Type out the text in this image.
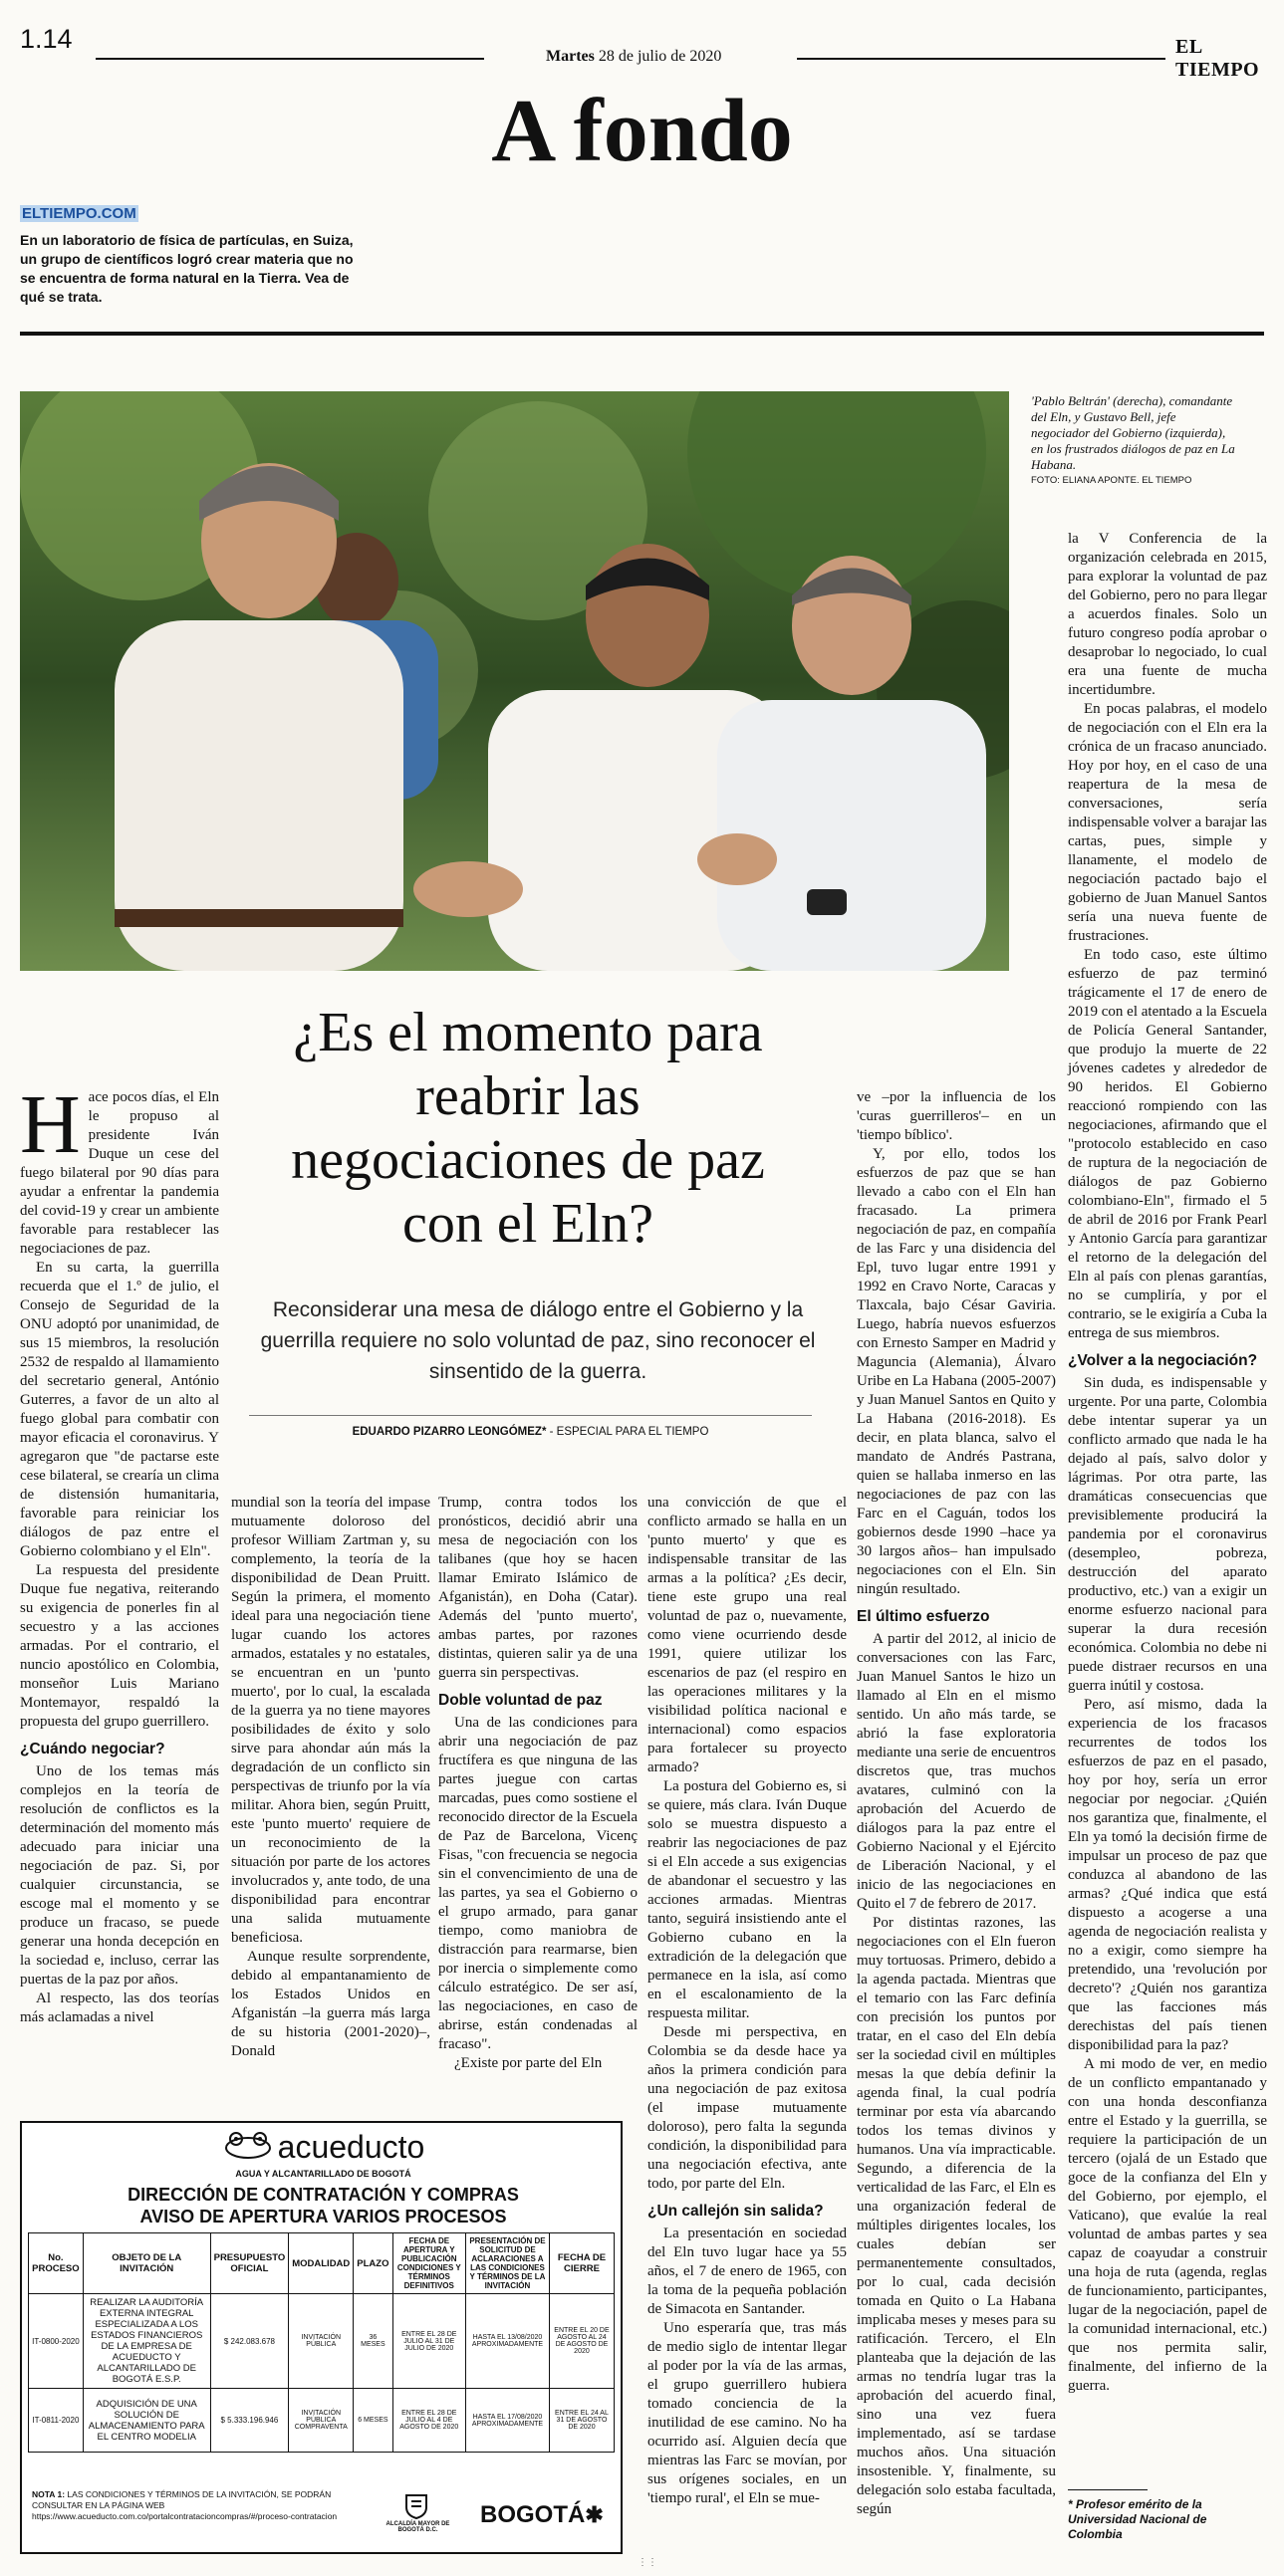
1.14
Martes 28 de julio de 2020	EL TIEMPO
A fondo
ELTIEMPO.COM
En un laboratorio de física de partículas, en Suiza, un grupo de científicos logró crear materia que no se encuentra de forma natural en la Tierra. Vea de qué se trata.
'Pablo Beltrán' (derecha), comandante del Eln, y Gustavo Bell, jefe negociador del Gobierno (izquierda), en los frustrados diálogos de paz en La Habana.
FOTO: ELIANA APONTE. EL TIEMPO
¿Es el momento para reabrir las negociaciones de paz con el Eln?
Reconsiderar una mesa de diálogo entre el Gobierno y la guerrilla requiere no solo voluntad de paz, sino reconocer el sinsentido de la guerra.
EDUARDO PIZARRO LEONGÓMEZ* - ESPECIAL PARA EL TIEMPO
H ace pocos días, el Eln le propuso al presidente Iván Duque un cese del fuego bilateral por 90 días para ayudar a enfrentar la pandemia del covid-19 y crear un ambiente favorable para restablecer las negociaciones de paz.

En su carta, la guerrilla recuerda que el 1.º de julio, el Consejo de Seguridad de la ONU adoptó por unanimidad, de sus 15 miembros, la resolución 2532 de respaldo al llamamiento del secretario general, António Guterres, a favor de un alto al fuego global para combatir con mayor eficacia el coronavirus. Y agregaron que "de pactarse este cese bilateral, se crearía un clima de distensión humanitaria, favorable para reiniciar los diálogos de paz entre el Gobierno colombiano y el Eln".

La respuesta del presidente Duque fue negativa, reiterando su exigencia de ponerles fin al secuestro y a las acciones armadas. Por el contrario, el nuncio apostólico en Colombia, monseñor Luis Mariano Montemayor, respaldó la propuesta del grupo guerrillero.

¿Cuándo negociar?

Uno de los temas más complejos en la teoría de resolución de conflictos es la determinación del momento más adecuado para iniciar una negociación de paz. Si, por cualquier circunstancia, se escoge mal el momento y se produce un fracaso, se puede generar una honda decepción en la sociedad e, incluso, cerrar las puertas de la paz por años.

Al respecto, las dos teorías más aclamadas a nivel

mundial son la teoría del impase mutuamente doloroso del profesor William Zartman y, su complemento, la teoría de la disponibilidad de Dean Pruitt. Según la primera, el momento ideal para una negociación tiene lugar cuando los actores armados, estatales y no estatales, se encuentran en un 'punto muerto', por lo cual, la escalada de la guerra ya no tiene mayores posibilidades de éxito y solo sirve para ahondar aún más la degradación de un conflicto sin perspectivas de triunfo por la vía militar. Ahora bien, según Pruitt, este 'punto muerto' requiere de un reconocimiento de la situación por parte de los actores involucrados y, ante todo, de una disponibilidad para encontrar una salida mutuamente beneficiosa.

Aunque resulte sorprendente, debido al empantanamiento de los Estados Unidos en Afganistán –la guerra más larga de su historia (2001-2020)–, Donald

Trump, contra todos los pronósticos, decidió abrir una mesa de negociación con los talibanes (que hoy se hacen llamar Emirato Islámico de Afganistán), en Doha (Catar). Además del 'punto muerto', ambas partes, por razones distintas, quieren salir ya de una guerra sin perspectivas.

Doble voluntad de paz

Una de las condiciones para abrir una negociación de paz fructífera es que ninguna de las partes juegue con cartas marcadas, pues como sostiene el reconocido director de la Escuela de Paz de Barcelona, Vicenç Fisas, "con frecuencia se negocia sin el convencimiento de una de las partes, ya sea el Gobierno o el grupo armado, para ganar tiempo, como maniobra de distracción para rearmarse, bien por inercia o simplemente como cálculo estratégico. De ser así, las negociaciones, en caso de abrirse, están condenadas al fracaso".

¿Existe por parte del Eln

una convicción de que el conflicto armado se halla en un 'punto muerto' y que es indispensable transitar de las armas a la política? ¿Es decir, tiene este grupo una real voluntad de paz o, nuevamente, como viene ocurriendo desde 1991, quiere utilizar los escenarios de paz (el respiro en las operaciones militares y la visibilidad política nacional e internacional) como espacios para fortalecer su proyecto armado?

La postura del Gobierno es, si se quiere, más clara. Iván Duque solo se muestra dispuesto a reabrir las negociaciones de paz si el Eln accede a sus exigencias de abandonar el secuestro y las acciones armadas. Mientras tanto, seguirá insistiendo ante el Gobierno cubano en la extradición de la delegación que permanece en la isla, así como en el escalonamiento de la respuesta militar.

Desde mi perspectiva, en Colombia se da desde hace ya años la primera condición para una negociación de paz exitosa (el impase mutuamente doloroso), pero falta la segunda condición, la disponibilidad para una negociación efectiva, ante todo, por parte del Eln.

¿Un callejón sin salida?

La presentación en sociedad del Eln tuvo lugar hace ya 55 años, el 7 de enero de 1965, con la toma de la pequeña población de Simacota en Santander.

Uno esperaría que, tras más de medio siglo de intentar llegar al poder por la vía de las armas, el grupo guerrillero hubiera tomado conciencia de la inutilidad de ese camino. No ha ocurrido así. Alguien decía que mientras las Farc se movían, por sus orígenes sociales, en un 'tiempo rural', el Eln se mue-

ve –por la influencia de los 'curas guerrilleros'– en un 'tiempo bíblico'.

Y, por ello, todos los esfuerzos de paz que se han llevado a cabo con el Eln han fracasado. La primera negociación de paz, en compañía de las Farc y una disidencia del Epl, tuvo lugar entre 1991 y 1992 en Cravo Norte, Caracas y Tlaxcala, bajo César Gaviria. Luego, habría nuevos esfuerzos con Ernesto Samper en Madrid y Maguncia (Alemania), Álvaro Uribe en La Habana (2005-2007) y Juan Manuel Santos en Quito y La Habana (2016-2018). Es decir, en plata blanca, salvo el mandato de Andrés Pastrana, quien se hallaba inmerso en las negociaciones de paz con las Farc en el Caguán, todos los gobiernos desde 1990 –hace ya 30 largos años– han impulsado negociaciones con el Eln. Sin ningún resultado.

El último esfuerzo

A partir del 2012, al inicio de conversaciones con las Farc, Juan Manuel Santos le hizo un llamado al Eln en el mismo sentido. Un año más tarde, se abrió la fase exploratoria mediante una serie de encuentros discretos que, tras muchos avatares, culminó con la aprobación del Acuerdo de diálogos para la paz entre el Gobierno Nacional y el Ejército de Liberación Nacional, y el inicio de las negociaciones en Quito el 7 de febrero de 2017.

Por distintas razones, las negociaciones con el Eln fueron muy tortuosas. Primero, debido a la agenda pactada. Mientras que el temario con las Farc definía con precisión los puntos por tratar, en el caso del Eln debía ser la sociedad civil en múltiples mesas la que debía definir la agenda final, la cual podría terminar por esta vía abarcando todos los temas divinos y humanos. Una vía impracticable. Segundo, a diferencia de la verticalidad de las Farc, el Eln es una organización federal de múltiples dirigentes locales, los cuales debían ser permanentemente consultados, por lo cual, cada decisión tomada en Quito o La Habana implicaba meses y meses para su ratificación. Tercero, el Eln planteaba que la dejación de las armas no tendría lugar tras la aprobación del acuerdo final, sino una vez fuera implementado, así se tardase muchos años. Una situación insostenible. Y, finalmente, su delegación solo estaba facultada, según

la V Conferencia de la organización celebrada en 2015, para explorar la voluntad de paz del Gobierno, pero no para llegar a acuerdos finales. Solo un futuro congreso podía aprobar o desaprobar lo negociado, lo cual era una fuente de mucha incertidumbre.

En pocas palabras, el modelo de negociación con el Eln era la crónica de un fracaso anunciado. Hoy por hoy, en el caso de una reapertura de la mesa de conversaciones, sería indispensable volver a barajar las cartas, pues, simple y llanamente, el modelo de negociación pactado bajo el gobierno de Juan Manuel Santos sería una nueva fuente de frustraciones.

En todo caso, este último esfuerzo de paz terminó trágicamente el 17 de enero de 2019 con el atentado a la Escuela de Policía General Santander, que produjo la muerte de 22 jóvenes cadetes y alrededor de 90 heridos. El Gobierno reaccionó rompiendo con las negociaciones, afirmando que el "protocolo establecido en caso de ruptura de la negociación de diálogos de paz Gobierno colombiano-Eln", firmado el 5 de abril de 2016 por Frank Pearl y Antonio García para garantizar el retorno de la delegación del Eln al país con plenas garantías, no se cumpliría, y por el contrario, se le exigiría a Cuba la entrega de sus miembros.

¿Volver a la negociación?

Sin duda, es indispensable y urgente. Por una parte, Colombia debe intentar superar ya un conflicto armado que nada le ha dejado al país, salvo dolor y lágrimas. Por otra parte, las dramáticas consecuencias que previsiblemente producirá la pandemia por el coronavirus (desempleo, pobreza, destrucción del aparato productivo, etc.) van a exigir un enorme esfuerzo nacional para superar la dura recesión económica. Colombia no debe ni puede distraer recursos en una guerra inútil y costosa.

Pero, así mismo, dada la experiencia de los fracasos recurrentes de todos los esfuerzos de paz en el pasado, hoy por hoy, sería un error negociar por negociar. ¿Quién nos garantiza que, finalmente, el Eln ya tomó la decisión firme de impulsar un proceso de paz que conduzca al abandono de las armas? ¿Qué indica que está dispuesto a acogerse a una agenda de negociación realista y no a exigir, como siempre ha pretendido, una 'revolución por decreto'? ¿Quién nos garantiza que las facciones más derechistas del país tienen disponibilidad para la paz?

A mi modo de ver, en medio de un conflicto empantanado y con una honda desconfianza entre el Estado y la guerrilla, se requiere la participación de un tercero (ojalá de un Estado que goce de la confianza del Eln y del Gobierno, por ejemplo, el Vaticano), que evalúe la real voluntad de ambas partes y sea capaz de coayudar a construir una hoja de ruta (agenda, reglas de funcionamiento, participantes, lugar de la negociación, papel de la comunidad internacional, etc.) que nos permita salir, finalmente, del infierno de la guerra.

* Profesor emérito de la Universidad Nacional de Colombia
acueducto
AGUA Y ALCANTARILLADO DE BOGOTÁ
DIRECCIÓN DE CONTRATACIÓN Y COMPRAS
AVISO DE APERTURA VARIOS PROCESOS
No. PROCESO	OBJETO DE LA INVITACIÓN	PRESUPUESTO OFICIAL	MODALIDAD	PLAZO	FECHA DE APERTURA Y PUBLICACIÓN CONDICIONES Y TÉRMINOS DEFINITIVOS	PRESENTACIÓN DE SOLICITUD DE ACLARACIONES A LAS CONDICIONES Y TÉRMINOS DE LA INVITACIÓN	FECHA DE CIERRE
IT-0800-2020	REALIZAR LA AUDITORÍA EXTERNA INTEGRAL ESPECIALIZADA A LOS ESTADOS FINANCIEROS DE LA EMPRESA DE ACUEDUCTO Y ALCANTARILLADO DE BOGOTÁ E.S.P.	$ 242.083.678	INVITACIÓN PÚBLICA	36 MESES	ENTRE EL 28 DE JULIO AL 31 DE JULIO DE 2020	HASTA EL 13/08/2020 APROXIMADAMENTE	ENTRE EL 20 DE AGOSTO AL 24 DE AGOSTO DE 2020
IT-0811-2020	ADQUISICIÓN DE UNA SOLUCIÓN DE ALMACENAMIENTO PARA EL CENTRO MODELIA	$ 5.333.196.946	INVITACIÓN PÚBLICA COMPRAVENTA	6 MESES	ENTRE EL 28 DE JULIO AL 4 DE AGOSTO DE 2020	HASTA EL 17/08/2020 APROXIMADAMENTE	ENTRE EL 24 AL 31 DE AGOSTO DE 2020
NOTA 1: LAS CONDICIONES Y TÉRMINOS DE LA INVITACIÓN, SE PODRÁN CONSULTAR EN LA PÁGINA WEB
https://www.acueducto.com.co/portalcontratacioncompras/#/proceso-contratacion
ALCALDÍA MAYOR DE BOGOTÁ D.C.
BOGOTÁ✱
⋮⋮
